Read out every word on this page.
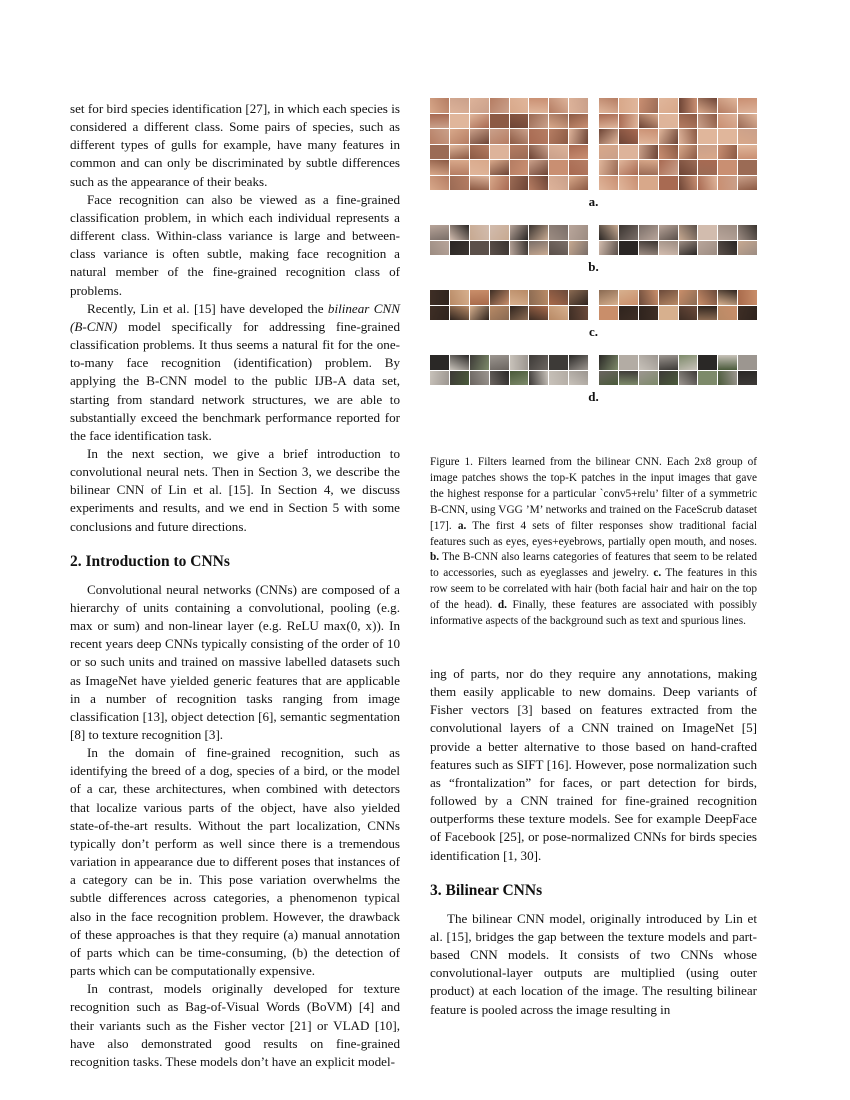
set for bird species identification [27], in which each species is considered a different class. Some pairs of species, such as different types of gulls for example, have many features in common and can only be discriminated by subtle differences such as the appearance of their beaks.

Face recognition can also be viewed as a fine-grained classification problem, in which each individual represents a different class. Within-class variance is large and between-class variance is often subtle, making face recognition a natural member of the fine-grained recognition class of problems.

Recently, Lin et al. [15] have developed the bilinear CNN (B-CNN) model specifically for addressing fine-grained classification problems. It thus seems a natural fit for the one-to-many face recognition (identification) problem. By applying the B-CNN model to the public IJB-A data set, starting from standard network structures, we are able to substantially exceed the benchmark performance reported for the face identification task.

In the next section, we give a brief introduction to convolutional neural nets. Then in Section 3, we describe the bilinear CNN of Lin et al. [15]. In Section 4, we discuss experiments and results, and we end in Section 5 with some conclusions and future directions.

2. Introduction to CNNs

Convolutional neural networks (CNNs) are composed of a hierarchy of units containing a convolutional, pooling (e.g. max or sum) and non-linear layer (e.g. ReLU max(0, x)). In recent years deep CNNs typically consisting of the order of 10 or so such units and trained on massive labelled datasets such as ImageNet have yielded generic features that are applicable in a number of recognition tasks ranging from image classification [13], object detection [6], semantic segmentation [8] to texture recognition [3].

In the domain of fine-grained recognition, such as identifying the breed of a dog, species of a bird, or the model of a car, these architectures, when combined with detectors that localize various parts of the object, have also yielded state-of-the-art results. Without the part localization, CNNs typically don’t perform as well since there is a tremendous variation in appearance due to different poses that instances of a category can be in. This pose variation overwhelms the subtle differences across categories, a phenomenon typical also in the face recognition problem. However, the drawback of these approaches is that they require (a) manual annotation of parts which can be time-consuming, (b) the detection of parts which can be computationally expensive.

In contrast, models originally developed for texture recognition such as Bag-of-Visual Words (BoVM) [4] and their variants such as the Fisher vector [21] or VLAD [10], have also demonstrated good results on fine-grained recognition tasks. These models don’t have an explicit model-

a.
b.
c.
d.
Figure 1. Filters learned from the bilinear CNN. Each 2x8 group of image patches shows the top-K patches in the input images that gave the highest response for a particular `conv5+relu’ filter of a symmetric B-CNN, using VGG ’M’ networks and trained on the FaceScrub dataset [17]. a. The first 4 sets of filter responses show traditional facial features such as eyes, eyes+eyebrows, partially open mouth, and noses. b. The B-CNN also learns categories of features that seem to be related to accessories, such as eyeglasses and jewelry. c. The features in this row seem to be correlated with hair (both facial hair and hair on the top of the head). d. Finally, these features are associated with possibly informative aspects of the background such as text and spurious lines.

ing of parts, nor do they require any annotations, making them easily applicable to new domains. Deep variants of Fisher vectors [3] based on features extracted from the convolutional layers of a CNN trained on ImageNet [5] provide a better alternative to those based on hand-crafted features such as SIFT [16]. However, pose normalization such as “frontalization” for faces, or part detection for birds, followed by a CNN trained for fine-grained recognition outperforms these texture models. See for example DeepFace of Facebook [25], or pose-normalized CNNs for birds species identification [1, 30].

3. Bilinear CNNs

The bilinear CNN model, originally introduced by Lin et al. [15], bridges the gap between the texture models and part-based CNN models. It consists of two CNNs whose convolutional-layer outputs are multiplied (using outer product) at each location of the image. The resulting bilinear feature is pooled across the image resulting in
